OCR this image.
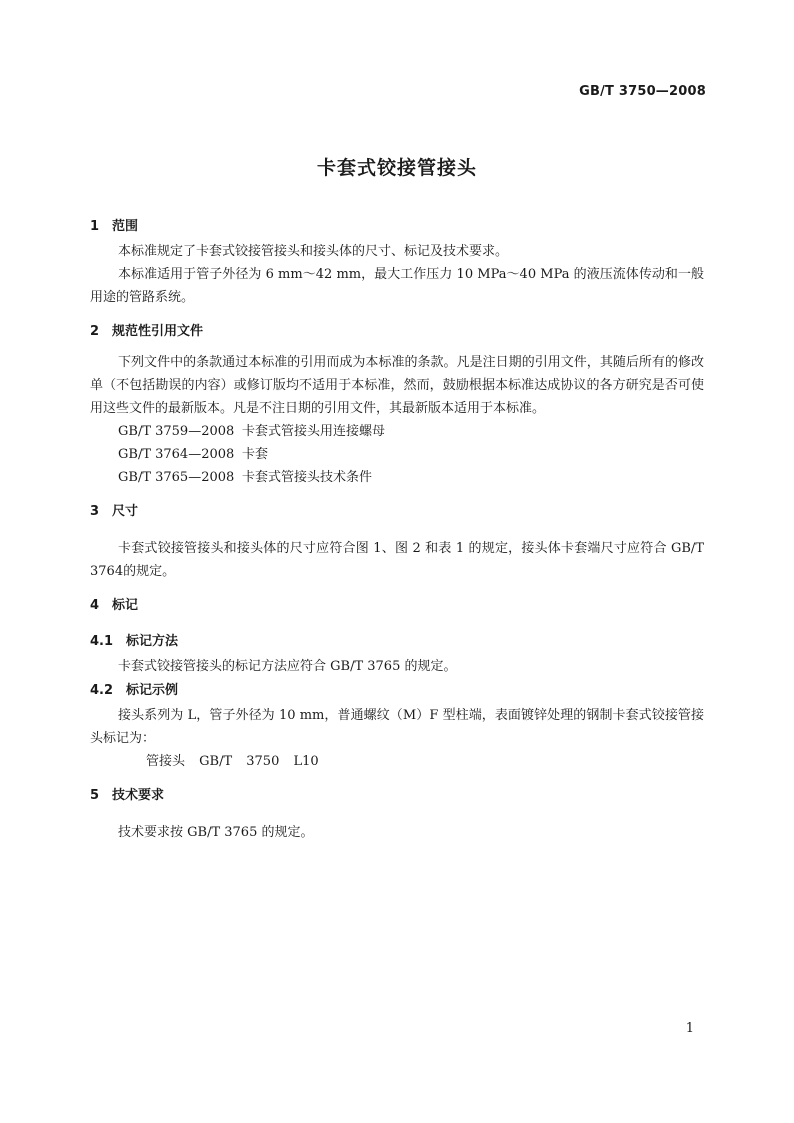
GB/T 3750—2008
卡套式铰接管接头
1 范围
本标准规定了卡套式铰接管接头和接头体的尺寸、标记及技术要求。
本标准适用于管子外径为 6 mm～42 mm，最大工作压力 10 MPa～40 MPa 的液压流体传动和一般用途的管路系统。
2 规范性引用文件
下列文件中的条款通过本标准的引用而成为本标准的条款。凡是注日期的引用文件，其随后所有的修改单（不包括勘误的内容）或修订版均不适用于本标准，然而，鼓励根据本标准达成协议的各方研究是否可使用这些文件的最新版本。凡是不注日期的引用文件，其最新版本适用于本标准。
GB/T 3759—2008 卡套式管接头用连接螺母
GB/T 3764—2008 卡套
GB/T 3765—2008 卡套式管接头技术条件
3 尺寸
卡套式铰接管接头和接头体的尺寸应符合图 1、图 2 和表 1 的规定，接头体卡套端尺寸应符合 GB/T 3764的规定。
4 标记
4.1 标记方法
卡套式铰接管接头的标记方法应符合 GB/T 3765 的规定。
4.2 标记示例
接头系列为 L，管子外径为 10 mm，普通螺纹（M）F 型柱端，表面镀锌处理的钢制卡套式铰接管接头标记为：
管接头 GB/T 3750 L10
5 技术要求
技术要求按 GB/T 3765 的规定。
1
